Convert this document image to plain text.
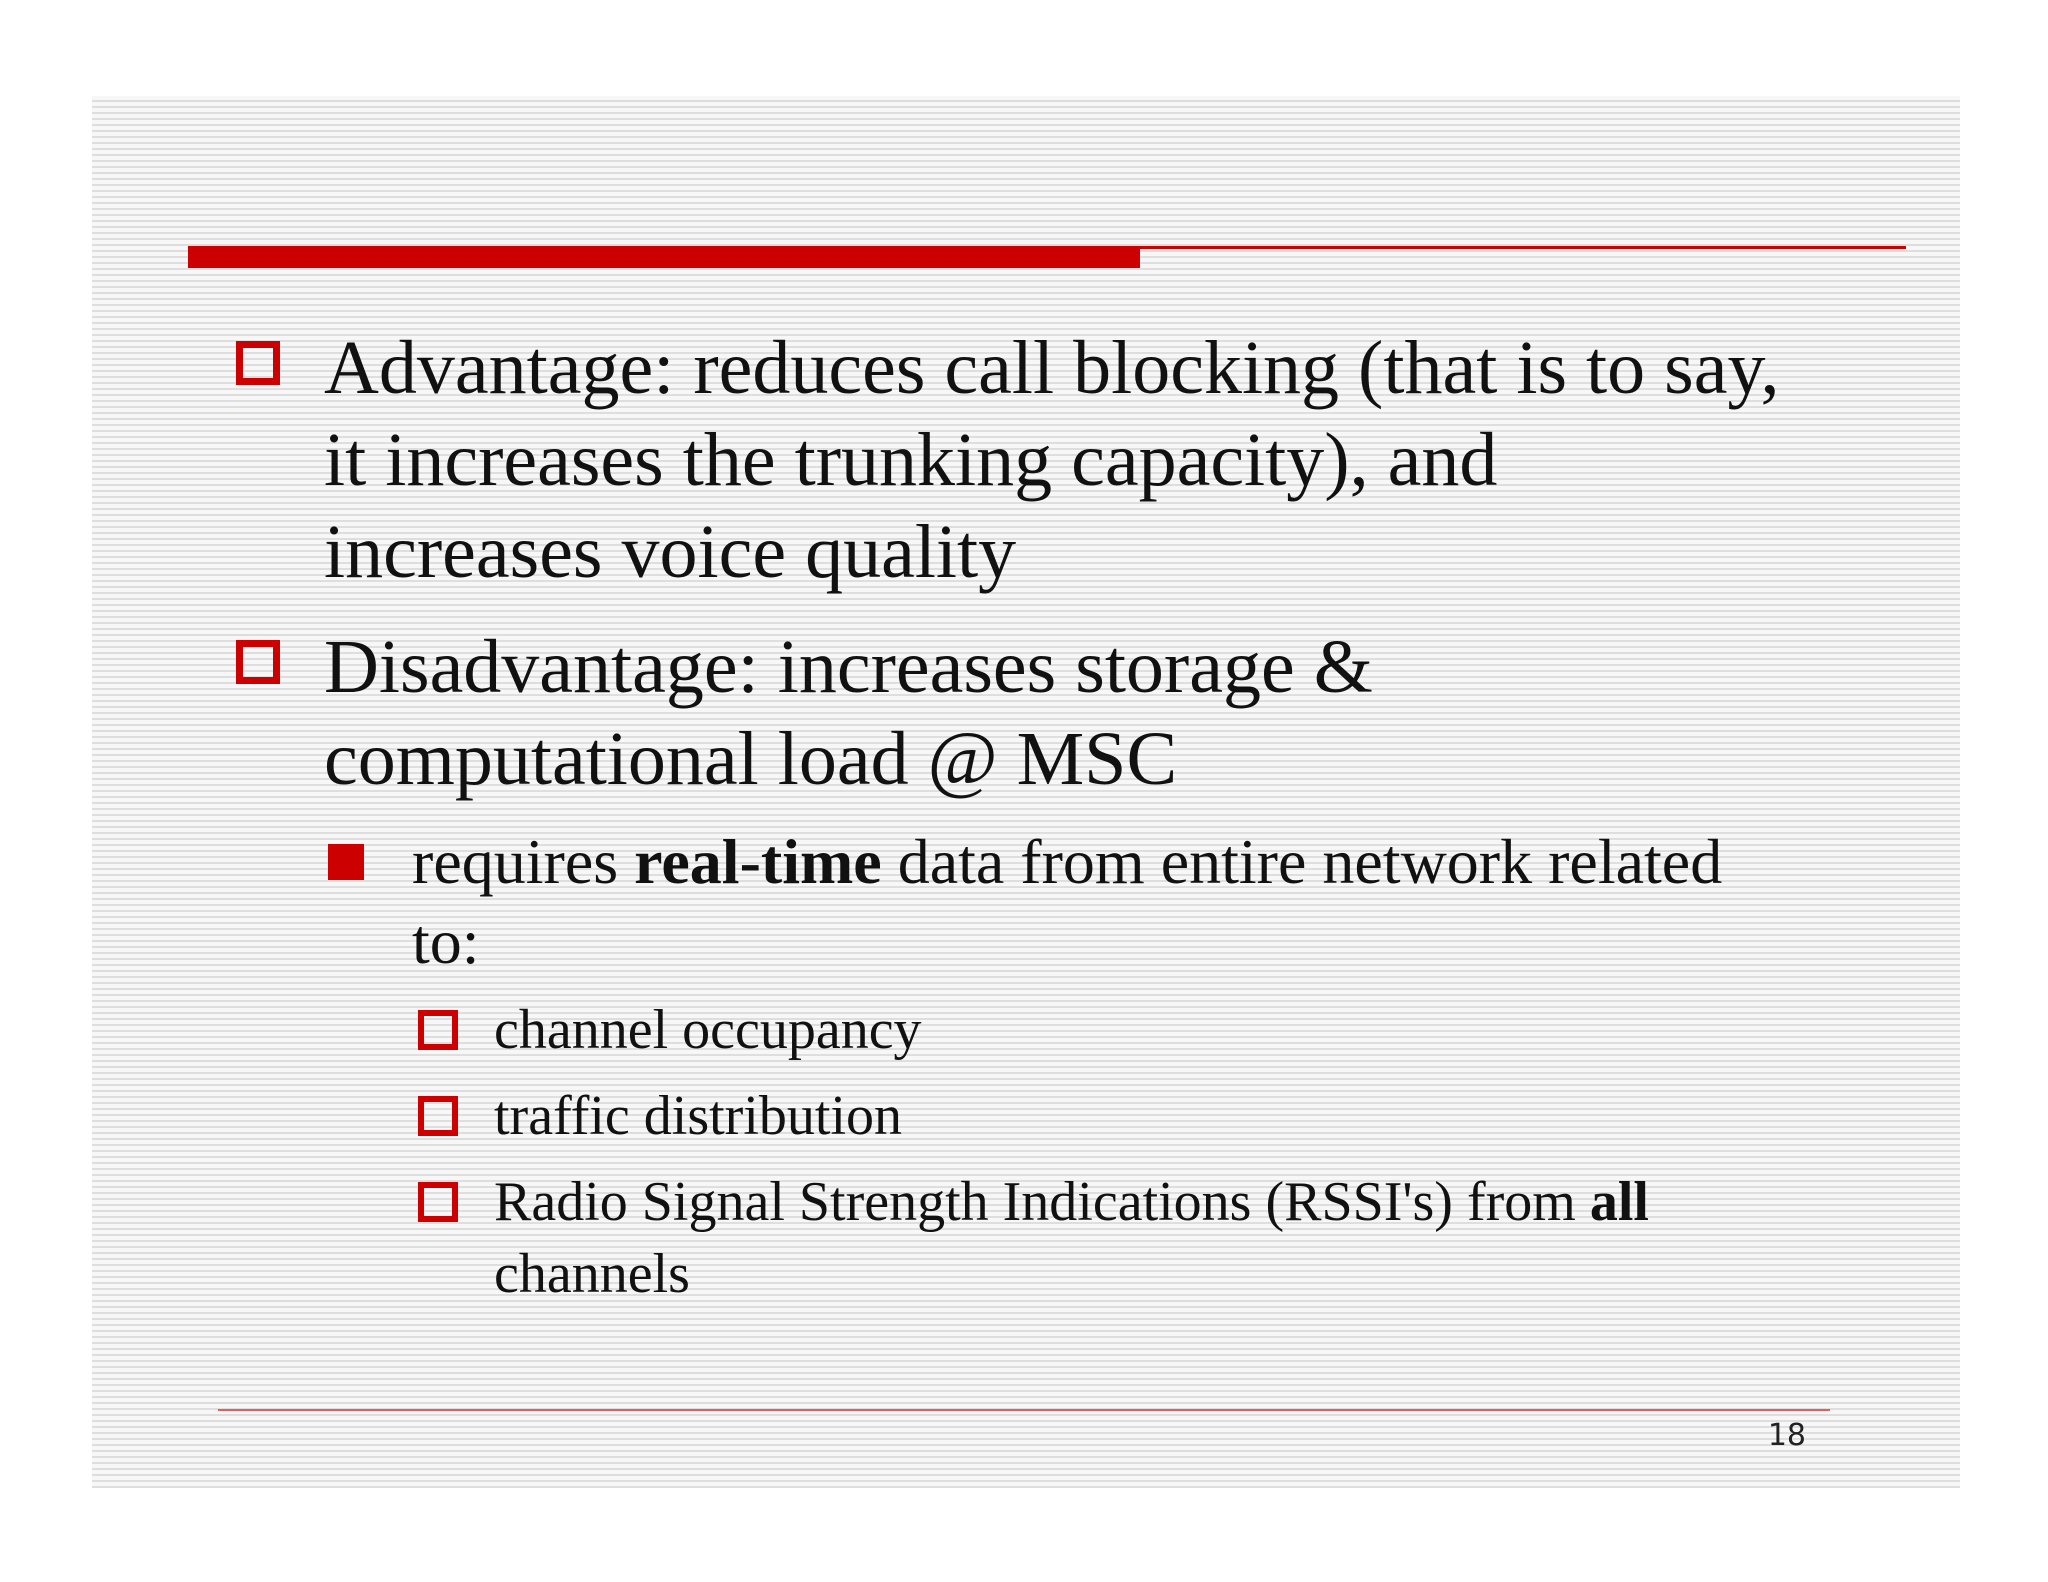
Advantage: reduces call blocking (that is to say,
it increases the trunking capacity), and
increases voice quality
Disadvantage: increases storage &
computational load @ MSC
requires real-time data from entire network related
to:
channel occupancy
traffic distribution
Radio Signal Strength Indications (RSSI's) from all
channels
18
